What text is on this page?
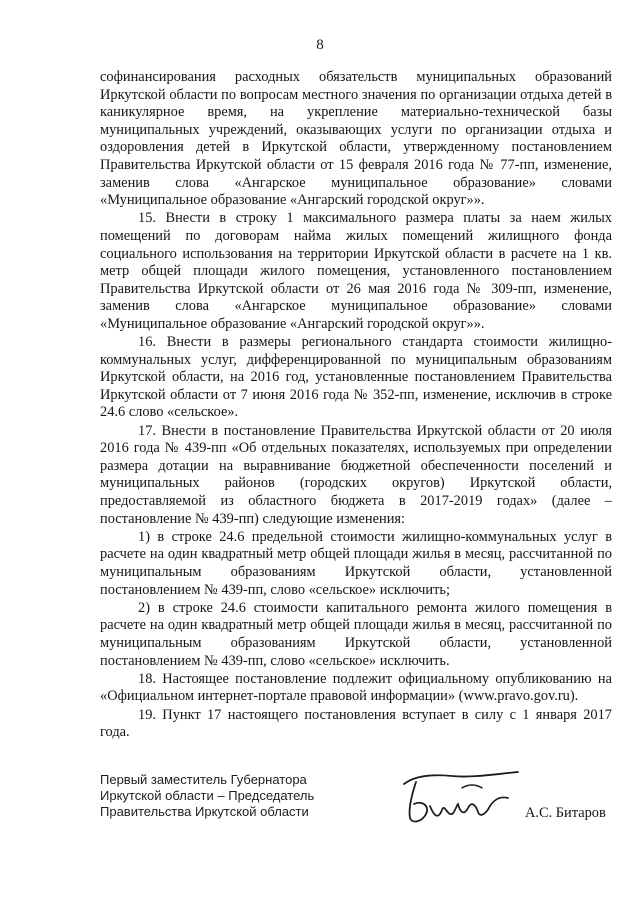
8

софинансирования расходных обязательств муниципальных образований Иркутской области по вопросам местного значения по организации отдыха детей в каникулярное время, на укрепление материально-технической базы муниципальных учреждений, оказывающих услуги по организации отдыха и оздоровления детей в Иркутской области, утвержденному постановлением Правительства Иркутской области от 15 февраля 2016 года № 77-пп, изменение, заменив слова «Ангарское муниципальное образование» словами «Муниципальное образование «Ангарский городской округ»».

15. Внести в строку 1 максимального размера платы за наем жилых помещений по договорам найма жилых помещений жилищного фонда социального использования на территории Иркутской области в расчете на 1 кв. метр общей площади жилого помещения, установленного постановлением Правительства Иркутской области от 26 мая 2016 года № 309-пп, изменение, заменив слова «Ангарское муниципальное образование» словами «Муниципальное образование «Ангарский городской округ»».

16. Внести в размеры регионального стандарта стоимости жилищно-коммунальных услуг, дифференцированной по муниципальным образованиям Иркутской области, на 2016 год, установленные постановлением Правительства Иркутской области от 7 июня 2016 года № 352-пп, изменение, исключив в строке 24.6 слово «сельское».

17. Внести в постановление Правительства Иркутской области от 20 июля 2016 года № 439-пп «Об отдельных показателях, используемых при определении размера дотации на выравнивание бюджетной обеспеченности поселений и муниципальных районов (городских округов) Иркутской области, предоставляемой из областного бюджета в 2017-2019 годах» (далее – постановление № 439-пп) следующие изменения:

1) в строке 24.6 предельной стоимости жилищно-коммунальных услуг в расчете на один квадратный метр общей площади жилья в месяц, рассчитанной по муниципальным образованиям Иркутской области, установленной постановлением № 439-пп, слово «сельское» исключить;

2) в строке 24.6 стоимости капитального ремонта жилого помещения в расчете на один квадратный метр общей площади жилья в месяц, рассчитанной по муниципальным образованиям Иркутской области, установленной постановлением № 439-пп, слово «сельское» исключить.

18. Настоящее постановление подлежит официальному опубликованию на «Официальном интернет-портале правовой информации» (www.pravo.gov.ru).

19. Пункт 17 настоящего постановления вступает в силу с 1 января 2017 года.

Первый заместитель Губернатора
Иркутской области – Председатель
Правительства Иркутской области	А.С. Битаров
